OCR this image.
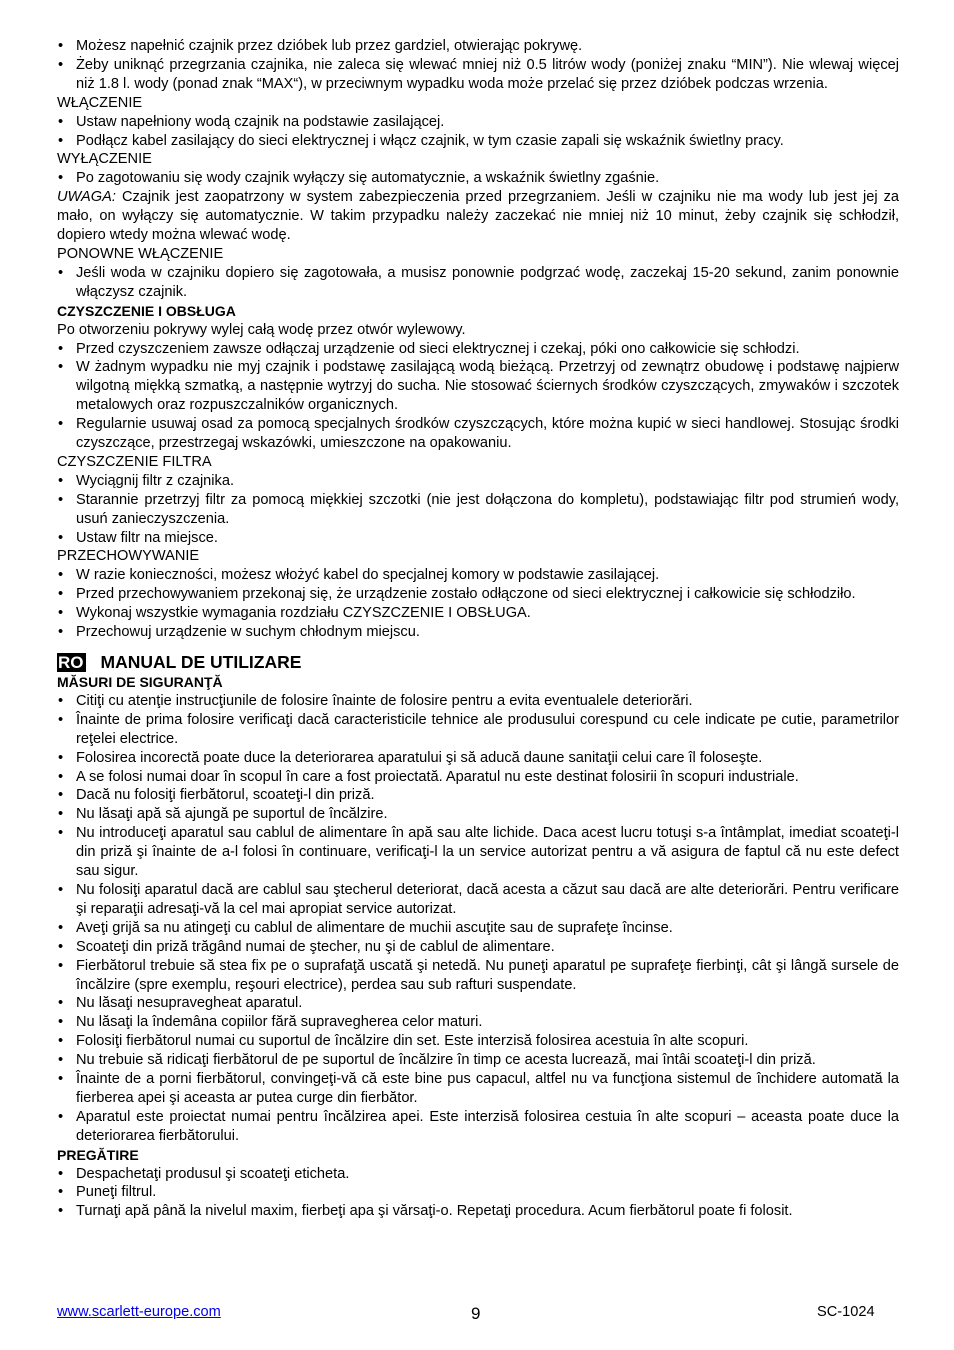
• Możesz napełnić czajnik przez dzióbek lub przez gardziel, otwierając pokrywę.
• Żeby uniknąć przegrzania czajnika, nie zaleca się wlewać mniej niż 0.5 litrów wody (poniżej znaku “MIN”). Nie wlewaj więcej niż 1.8 l. wody (ponad znak “MAX“), w przeciwnym wypadku woda może przelać się przez dzióbek podczas wrzenia.
WŁĄCZENIE
• Ustaw napełniony wodą czajnik na podstawie zasilającej.
• Podłącz kabel zasilający do sieci elektrycznej i włącz czajnik, w tym czasie zapali się wskaźnik świetlny pracy.
WYŁĄCZENIE
• Po zagotowaniu się wody czajnik wyłączy się automatycznie, a wskaźnik świetlny zgaśnie.

UWAGA: Czajnik jest zaopatrzony w system zabezpieczenia przed przegrzaniem. Jeśli w czajniku nie ma wody lub jest jej za mało, on wyłączy się automatycznie. W takim przypadku należy zaczekać nie mniej niż 10 minut, żeby czajnik się schłodził, dopiero wtedy można wlewać wodę.

PONOWNE WŁĄCZENIE
• Jeśli woda w czajniku dopiero się zagotowała, a musisz ponownie podgrzać wodę, zaczekaj 15-20 sekund, zanim ponownie włączysz czajnik.
CZYSZCZENIE I OBSŁUGA

Po otworzeniu pokrywy wylej całą wodę przez otwór wylewowy.

• Przed czyszczeniem zawsze odłączaj urządzenie od sieci elektrycznej i czekaj, póki ono całkowicie się schłodzi.
• W żadnym wypadku nie myj czajnik i podstawę zasilającą wodą bieżącą. Przetrzyj od zewnątrz obudowę i podstawę najpierw wilgotną miękką szmatką, a następnie wytrzyj do sucha. Nie stosować ściernych środków czyszczących, zmywaków i szczotek metalowych oraz rozpuszczalników organicznych.
• Regularnie usuwaj osad za pomocą specjalnych środków czyszczących, które można kupić w sieci handlowej. Stosując środki czyszczące, przestrzegaj wskazówki, umieszczone na opakowaniu.
CZYSZCZENIE FILTRA
• Wyciągnij filtr z czajnika.
• Starannie przetrzyj filtr za pomocą miękkiej szczotki (nie jest dołączona do kompletu), podstawiając filtr pod strumień wody, usuń zanieczyszczenia.
• Ustaw filtr na miejsce.
PRZECHOWYWANIE
• W razie konieczności, możesz włożyć kabel do specjalnej komory w podstawie zasilającej.
• Przed przechowywaniem przekonaj się, że urządzenie zostało odłączone od sieci elektrycznej i całkowicie się schłodziło.
• Wykonaj wszystkie wymagania rozdziału CZYSZCZENIE I OBSŁUGA.
• Przechowuj urządzenie w suchym chłodnym miejscu.
RO MANUAL DE UTILIZARE
MĂSURI DE SIGURANŢĂ
• Citiţi cu atenţie instrucţiunile de folosire înainte de folosire pentru a evita eventualele deteriorări.
• Înainte de prima folosire verificaţi dacă caracteristicile tehnice ale produsului corespund cu cele indicate pe cutie, parametrilor reţelei electrice.
• Folosirea incorectă poate duce la deteriorarea aparatului şi să aducă daune sanitaţii celui care îl foloseşte.
• A se folosi numai doar în scopul în care a fost proiectată. Aparatul nu este destinat folosirii în scopuri industriale.
• Dacă nu folosiţi fierbătorul, scoateţi-l din priză.
• Nu lăsaţi apă să ajungă pe suportul de încălzire.
• Nu introduceţi aparatul sau cablul de alimentare în apă sau alte lichide. Daca acest lucru totuşi s-a întâmplat, imediat scoateţi-l din priză şi înainte de a-l folosi în continuare, verificaţi-l la un service autorizat pentru a vă asigura de faptul că nu este defect sau sigur.
• Nu folosiţi aparatul dacă are cablul sau ştecherul deteriorat, dacă acesta a căzut sau dacă are alte deteriorări. Pentru verificare şi reparaţii adresaţi-vă la cel mai apropiat service autorizat.
• Aveţi grijă sa nu atingeţi cu cablul de alimentare de muchii ascuţite sau de suprafeţe încinse.
• Scoateţi din priză trăgând numai de ştecher, nu şi de cablul de alimentare.
• Fierbătorul trebuie să stea fix pe o suprafaţă uscată şi netedă. Nu puneţi aparatul pe suprafeţe fierbinţi, cât şi lângă sursele de încălzire (spre exemplu, reşouri electrice), perdea sau sub rafturi suspendate.
• Nu lăsaţi nesupravegheat aparatul.
• Nu lăsaţi la îndemâna copiilor fără supravegherea celor maturi.
• Folosiţi fierbătorul numai cu suportul de încălzire din set. Este interzisă folosirea acestuia în alte scopuri.
• Nu trebuie să ridicaţi fierbătorul de pe suportul de încălzire în timp ce acesta lucrează, mai întâi scoateţi-l din priză.
• Înainte de a porni fierbătorul, convingeţi-vă că este bine pus capacul, altfel nu va funcţiona sistemul de închidere automată la fierberea apei şi aceasta ar putea curge din fierbător.
• Aparatul este proiectat numai pentru încălzirea apei. Este interzisă folosirea cestuia în alte scopuri – aceasta poate duce la deteriorarea fierbătorului.
PREGĂTIRE
• Despachetaţi produsul şi scoateţi eticheta.
• Puneţi filtrul.
• Turnaţi apă până la nivelul maxim, fierbeţi apa şi vărsaţi-o. Repetaţi procedura. Acum fierbătorul poate fi folosit.
www.scarlett-europe.com	9	SC-1024
